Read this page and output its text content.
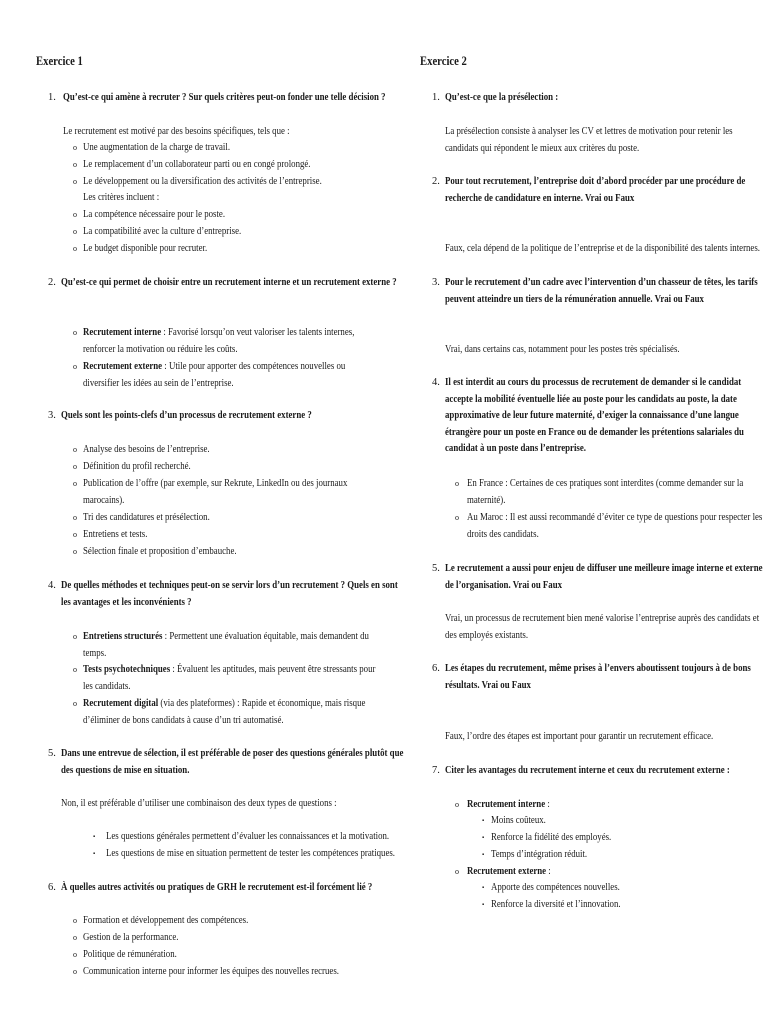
Exercice 1
1. Qu’est-ce qui amène à recruter ? Sur quels critères peut-on fonder une telle décision ?
Le recrutement est motivé par des besoins spécifiques, tels que :
o Une augmentation de la charge de travail.
o Le remplacement d’un collaborateur parti ou en congé prolongé.
o Le développement ou la diversification des activités de l’entreprise.
Les critères incluent :
o La compétence nécessaire pour le poste.
o La compatibilité avec la culture d’entreprise.
o Le budget disponible pour recruter.
2. Qu’est-ce qui permet de choisir entre un recrutement interne et un recrutement externe ?
o Recrutement interne : Favorisé lorsqu’on veut valoriser les talents internes,
renforcer la motivation ou réduire les coûts.
o Recrutement externe : Utile pour apporter des compétences nouvelles ou
diversifier les idées au sein de l’entreprise.
3. Quels sont les points-clefs d’un processus de recrutement externe ?
o Analyse des besoins de l’entreprise.
o Définition du profil recherché.
o Publication de l’offre (par exemple, sur Rekrute, LinkedIn ou des journaux
marocains).
o Tri des candidatures et présélection.
o Entretiens et tests.
o Sélection finale et proposition d’embauche.
4. De quelles méthodes et techniques peut-on se servir lors d’un recrutement ? Quels en sont
les avantages et les inconvénients ?
o Entretiens structurés : Permettent une évaluation équitable, mais demandent du
temps.
o Tests psychotechniques : Évaluent les aptitudes, mais peuvent être stressants pour
les candidats.
o Recrutement digital (via des plateformes) : Rapide et économique, mais risque
d’éliminer de bons candidats à cause d’un tri automatisé.
5. Dans une entrevue de sélection, il est préférable de poser des questions générales plutôt que
des questions de mise en situation.
Non, il est préférable d’utiliser une combinaison des deux types de questions :
▪ Les questions générales permettent d’évaluer les connaissances et la motivation.
▪ Les questions de mise en situation permettent de tester les compétences pratiques.
6. À quelles autres activités ou pratiques de GRH le recrutement est-il forcément lié ?
o Formation et développement des compétences.
o Gestion de la performance.
o Politique de rémunération.
o Communication interne pour informer les équipes des nouvelles recrues.
Exercice 2
1. Qu’est-ce que la présélection :
La présélection consiste à analyser les CV et lettres de motivation pour retenir les
candidats qui répondent le mieux aux critères du poste.
2. Pour tout recrutement, l’entreprise doit d’abord procéder par une procédure de
recherche de candidature en interne. Vrai ou Faux
Faux, cela dépend de la politique de l’entreprise et de la disponibilité des talents internes.
3. Pour le recrutement d’un cadre avec l’intervention d’un chasseur de têtes, les tarifs
peuvent atteindre un tiers de la rémunération annuelle. Vrai ou Faux
Vrai, dans certains cas, notamment pour les postes très spécialisés.
4. Il est interdit au cours du processus de recrutement de demander si le candidat
accepte la mobilité éventuelle liée au poste pour les candidats au poste, la date
approximative de leur future maternité, d’exiger la connaissance d’une langue
étrangère pour un poste en France ou de demander les prétentions salariales du
candidat à un poste dans l’entreprise.
o En France : Certaines de ces pratiques sont interdites (comme demander sur la
maternité).
o Au Maroc : Il est aussi recommandé d’éviter ce type de questions pour respecter les
droits des candidats.
5. Le recrutement a aussi pour enjeu de diffuser une meilleure image interne et externe
de l’organisation. Vrai ou Faux
Vrai, un processus de recrutement bien mené valorise l’entreprise auprès des candidats et
des employés existants.
6. Les étapes du recrutement, même prises à l’envers aboutissent toujours à de bons
résultats. Vrai ou Faux
Faux, l’ordre des étapes est important pour garantir un recrutement efficace.
7. Citer les avantages du recrutement interne et ceux du recrutement externe :
o Recrutement interne :
▪ Moins coûteux.
▪ Renforce la fidélité des employés.
▪ Temps d’intégration réduit.
o Recrutement externe :
▪ Apporte des compétences nouvelles.
▪ Renforce la diversité et l’innovation.
